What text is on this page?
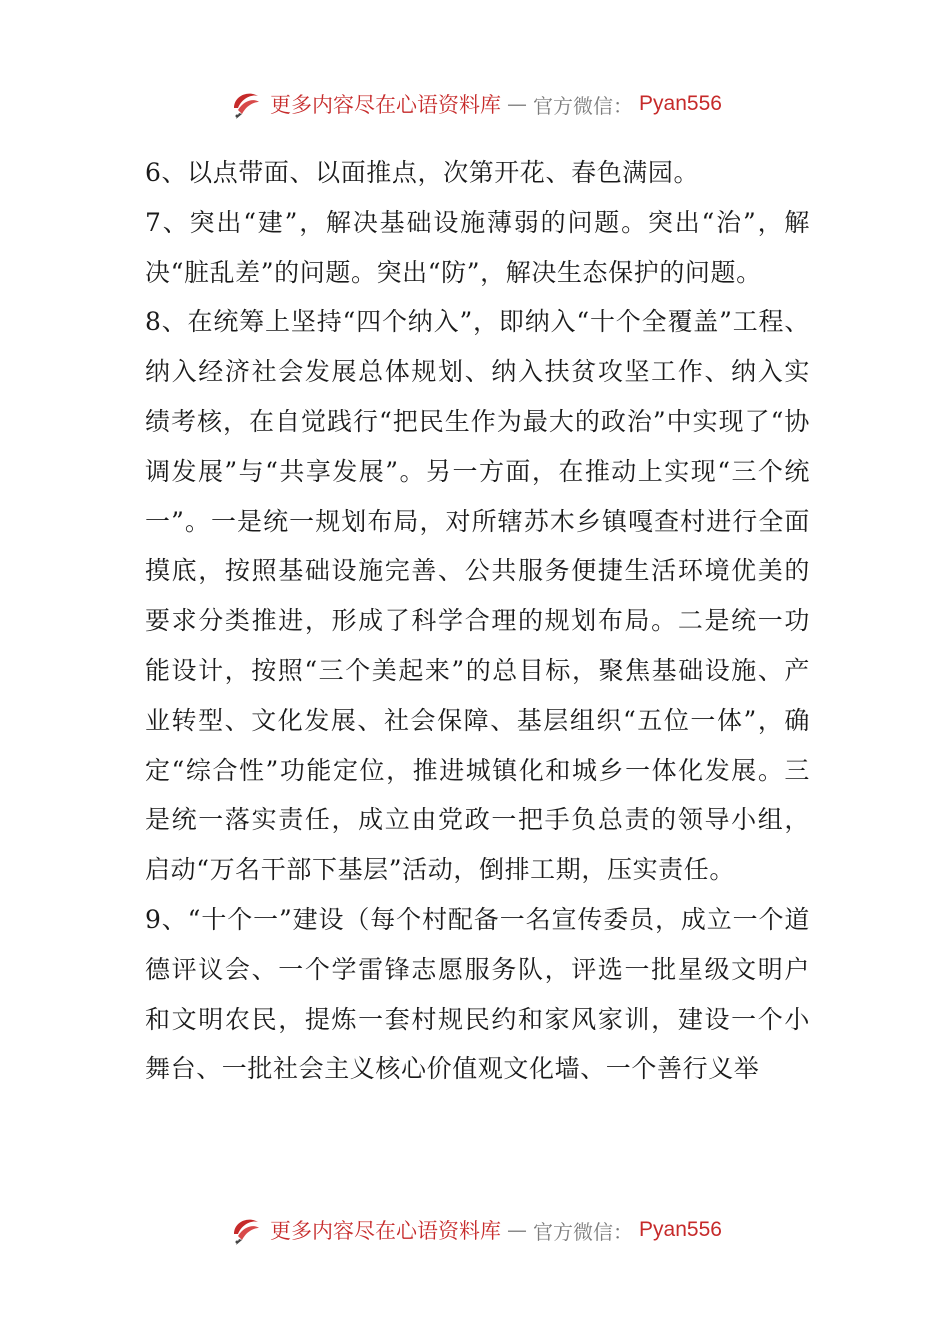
更多内容尽在心语资料库 — 官方微信： Pyan556

6、以点带面、以面推点，次第开花、春色满园。

7、突出“建”，解决基础设施薄弱的问题。突出“治”，解决“脏乱差”的问题。突出“防”，解决生态保护的问题。

8、在统筹上坚持“四个纳入”，即纳入“十个全覆盖”工程、纳入经济社会发展总体规划、纳入扶贫攻坚工作、纳入实绩考核，在自觉践行“把民生作为最大的政治”中实现了“协调发展”与“共享发展”。另一方面，在推动上实现“三个统一”。一是统一规划布局，对所辖苏木乡镇嘎查村进行全面摸底，按照基础设施完善、公共服务便捷生活环境优美的要求分类推进，形成了科学合理的规划布局。二是统一功能设计，按照“三个美起来”的总目标，聚焦基础设施、产业转型、文化发展、社会保障、基层组织“五位一体”，确定“综合性”功能定位，推进城镇化和城乡一体化发展。三是统一落实责任，成立由党政一把手负总责的领导小组，启动“万名干部下基层”活动，倒排工期，压实责任。

9、“十个一”建设（每个村配备一名宣传委员，成立一个道德评议会、一个学雷锋志愿服务队，评选一批星级文明户和文明农民，提炼一套村规民约和家风家训，建设一个小舞台、一批社会主义核心价值观文化墙、一个善行义举

更多内容尽在心语资料库 — 官方微信： Pyan556
